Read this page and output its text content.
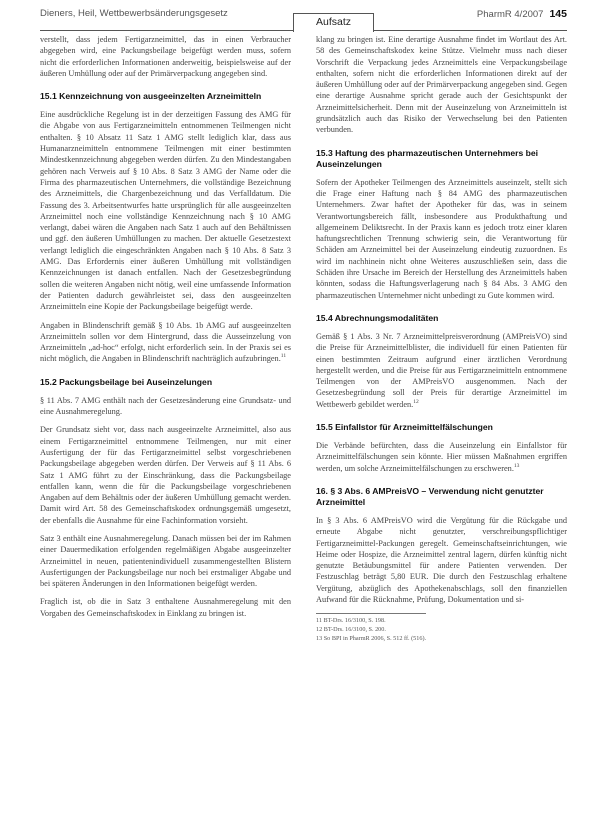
Dieners, Heil, Wettbewerbsänderungsgesetz
Aufsatz
PharmR 4/2007 145

verstellt, dass jedem Fertigarzneimittel, das in einen Verbraucher abgegeben wird, eine Packungsbeilage beigefügt werden muss, sofern nicht die erforderlichen Informationen anderweitig, beispielsweise auf der äußeren Umhüllung oder auf der Primärverpackung angegeben sind.

15.1 Kennzeichnung von ausgeeinzelten Arzneimitteln

Eine ausdrückliche Regelung ist in der derzeitigen Fassung des AMG für die Abgabe von aus Fertigarzneimitteln entnommenen Teilmengen nicht enthalten. § 10 Absatz 11 Satz 1 AMG stellt lediglich klar, dass aus Humanarzneimitteln entnommene Teilmengen mit einer bestimmten Mindestkennzeichnung abgegeben werden dürfen. Zu den Mindestangaben gehören nach Verweis auf § 10 Abs. 8 Satz 3 AMG der Name oder die Firma des pharmazeutischen Unternehmers, die vollständige Bezeichnung des Arzneimittels, die Chargenbezeichnung und das Verfalldatum. Die Fassung des 3. Arbeitsentwurfes hatte ursprünglich für alle ausgeeinzelten Arzneimittel noch eine vollständige Kennzeichnung nach § 10 AMG verlangt, dabei wären die Angaben nach Satz 1 auch auf den Behältnissen und ggf. den äußeren Umhüllungen zu machen. Der aktuelle Gesetzestext verlangt lediglich die eingeschränkten Angaben nach § 10 Abs. 8 Satz 3 AMG. Das Erfordernis einer äußeren Umhüllung mit vollständigen Kennzeichnungen ist danach entfallen. Nach der Gesetzesbegründung sollen die weiteren Angaben nicht nötig, weil eine umfassende Information der Patienten dadurch gewährleistet sei, dass den ausgeeinzelten Arzneimitteln eine Kopie der Packungsbeilage beigefügt werde.

Angaben in Blindenschrift gemäß § 10 Abs. 1b AMG auf ausgeeinzelten Arzneimitteln sollen vor dem Hintergrund, dass die Ausseinzelung von Arzneimitteln „ad-hoc“ erfolgt, nicht erforderlich sein. In der Praxis sei es nicht möglich, die Angaben in Blindenschrift nachträglich aufzubringen.$^{11}$

15.2 Packungsbeilage bei Auseinzelungen

§ 11 Abs. 7 AMG enthält nach der Gesetzesänderung eine Grundsatz- und eine Ausnahmeregelung.

Der Grundsatz sieht vor, dass nach ausgeeinzelte Arzneimittel, also aus einem Fertigarzneimittel entnommene Teilmengen, nur mit einer Ausfertigung der für das Fertigarzneimittel selbst vorgeschriebenen Packungsbeilage abgegeben werden dürfen. Der Verweis auf § 11 Abs. 6 Satz 1 AMG führt zu der Einschränkung, dass die Packungsbeilage entfallen kann, wenn die für die Packungsbeilage vorgeschriebenen Angaben auf dem Behältnis oder der äußeren Umhüllung gemacht werden. Damit wird Art. 58 des Gemeinschaftskodex ordnungsgemäß umgesetzt, der ebenfalls die Ausnahme für eine Fachinformation vorsieht.

Satz 3 enthält eine Ausnahmeregelung. Danach müssen bei der im Rahmen einer Dauermedikation erfolgenden regelmäßigen Abgabe ausgeeinzelter Arzneimittel in neuen, patientenindividuell zusammengestellten Blistern Ausfertigungen der Packungsbeilage nur noch bei erstmaliger Abgabe und bei späteren Änderungen in den Informationen beigefügt werden.

Fraglich ist, ob die in Satz 3 enthaltene Ausnahmeregelung mit den Vorgaben des Gemeinschaftskodex in Einklang zu bringen ist.

klang zu bringen ist. Eine derartige Ausnahme findet im Wortlaut des Art. 58 des Gemeinschaftskodex keine Stütze. Vielmehr muss nach dieser Vorschrift die Verpackung jedes Arzneimittels eine Verpackungsbeilage enthalten, sofern nicht die erforderlichen Informationen direkt auf der äußeren Umhüllung oder auf der Primärverpackung angegeben sind. Gegen eine derartige Ausnahme spricht gerade auch der Gesichtspunkt der Arzneimittelsicherheit. Denn mit der Auseinzelung von Arzneimitteln ist grundsätzlich auch das Risiko der Verwechselung bei den Patienten verbunden.

15.3 Haftung des pharmazeutischen Unternehmers bei Auseinzelungen

Sofern der Apotheker Teilmengen des Arzneimittels auseinzelt, stellt sich die Frage einer Haftung nach § 84 AMG des pharmazeutischen Unternehmers. Zwar haftet der Apotheker für das, was in seinem Verantwortungsbereich fällt, insbesondere aus Produkthaftung und allgemeinem Deliktsrecht. In der Praxis kann es jedoch trotz einer klaren haftungsrechtlichen Trennung schwierig sein, die Verantwortung für Schäden am Arzneimittel bei der Auseinzelung eindeutig zuzuordnen. Es wird im nachhinein nicht ohne Weiteres auszuschließen sein, dass die Schäden ihre Ursache im Bereich der Herstellung des Arzneimittels haben könnten, sodass die Haftungsverlagerung nach § 84 Abs. 3 AMG den pharmazeutischen Unternehmer nicht unbedingt zu Gute kommen wird.

15.4 Abrechnungsmodalitäten

Gemäß § 1 Abs. 3 Nr. 7 Arzneimittelpreisverordnung (AMPreisVO) sind die Preise für Arzneimittelblister, die individuell für einen Patienten für einen bestimmten Zeitraum aufgrund einer ärztlichen Verordnung hergestellt werden, und die Preise für aus Fertigarzneimitteln entnommene Teilmengen von der AMPreisVO ausgenommen. Nach der Gesetzesbegründung soll der Preis für derartige Arzneimittel im Wettbewerb gebildet werden.$^{12}$

15.5 Einfallstor für Arzneimittelfälschungen

Die Verbände befürchten, dass die Auseinzelung ein Einfallstor für Arzneimittelfälschungen sein könnte. Hier müssen Maßnahmen ergriffen werden, um solche Arzneimittelfälschungen zu erschweren.$^{13}$

16. § 3 Abs. 6 AMPreisVO – Verwendung nicht genutzter Arzneimittel

In § 3 Abs. 6 AMPreisVO wird die Vergütung für die Rückgabe und erneute Abgabe nicht genutzter, verschreibungspflichtiger Fertigarzneimittel-Packungen geregelt. Gemeinschaftseinrichtungen, wie Heime oder Hospize, die Arzneimittel zentral lagern, dürfen künftig nicht genutzte Betäubungsmittel für andere Patienten verwenden. Der Festzuschlag beträgt 5,80 EUR. Die durch den Festzuschlag erhaltene Vergütung, abzüglich des Apothekenabschlags, soll den finanziellen Aufwand für die Rücknahme, Prüfung, Dokumentation und si-

11 BT-Drs. 16/3100, S. 198.
12 BT-Drs. 16/3100, S. 200.
13 So BPI in PharmR 2006, S. 512 ff. (516).
